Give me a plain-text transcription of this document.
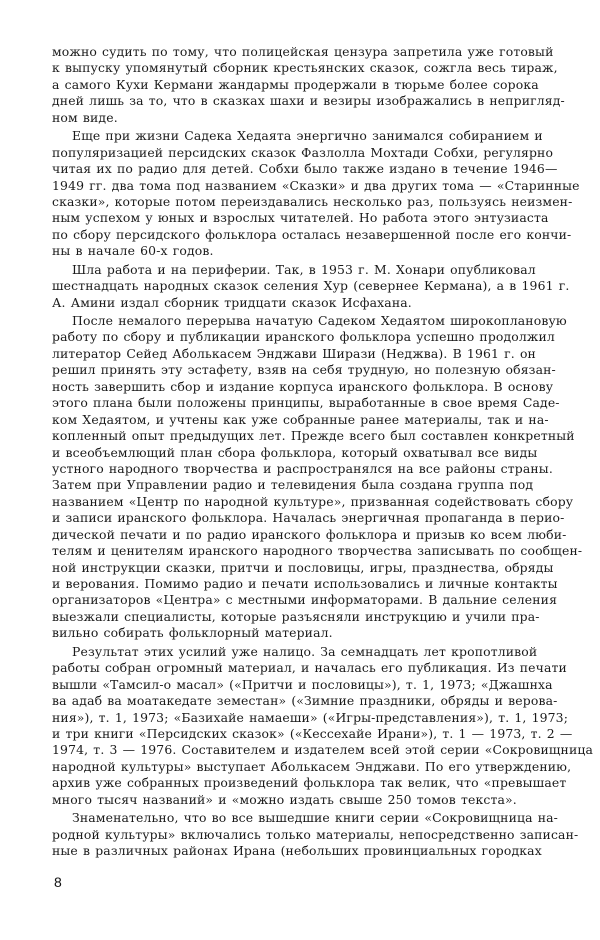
можно судить по тому, что полицейская цензура запретила уже готовый
к выпуску упомянутый сборник крестьянских сказок, сожгла весь тираж,
а самого Кухи Кермани жандармы продержали в тюрьме более сорока
дней лишь за то, что в сказках шахи и везиры изображались в непригляд-
ном виде.
Еще при жизни Садека Хедаята энергично занимался собиранием и
популяризацией персидских сказок Фазлолла Мохтади Собхи, регулярно
читая их по радио для детей. Собхи было также издано в течение 1946—
1949 гг. два тома под названием «Сказки» и два других тома — «Старинные
сказки», которые потом переиздавались несколько раз, пользуясь неизмен-
ным успехом у юных и взрослых читателей. Но работа этого энтузиаста
по сбору персидского фольклора осталась незавершенной после его кончи-
ны в начале 60-х годов.
Шла работа и на периферии. Так, в 1953 г. М. Хонари опубликовал
шестнадцать народных сказок селения Хур (севернее Кермана), а в 1961 г.
А. Амини издал сборник тридцати сказок Исфахана.
После немалого перерыва начатую Садеком Хедаятом широкоплановую
работу по сбору и публикации иранского фольклора успешно продолжил
литератор Сейед Аболькасем Энджави Ширази (Неджва). В 1961 г. он
решил принять эту эстафету, взяв на себя трудную, но полезную обязан-
ность завершить сбор и издание корпуса иранского фольклора. В основу
этого плана были положены принципы, выработанные в свое время Саде-
ком Хедаятом, и учтены как уже собранные ранее материалы, так и на-
копленный опыт предыдущих лет. Прежде всего был составлен конкретный
и всеобъемлющий план сбора фольклора, который охватывал все виды
устного народного творчества и распространялся на все районы страны.
Затем при Управлении радио и телевидения была создана группа под
названием «Центр по народной культуре», призванная содействовать сбору
и записи иранского фольклора. Началась энергичная пропаганда в перио-
дической печати и по радио иранского фольклора и призыв ко всем люби-
телям и ценителям иранского народного творчества записывать по сообщен-
ной инструкции сказки, притчи и пословицы, игры, празднества, обряды
и верования. Помимо радио и печати использовались и личные контакты
организаторов «Центра» с местными информаторами. В дальние селения
выезжали специалисты, которые разъясняли инструкцию и учили пра-
вильно собирать фольклорный материал.
Результат этих усилий уже налицо. За семнадцать лет кропотливой
работы собран огромный материал, и началась его публикация. Из печати
вышли «Тамсил-о масал» («Притчи и пословицы»), т. 1, 1973; «Джашнха
ва адаб ва моатакедате земестан» («Зимние праздники, обряды и верова-
ния»), т. 1, 1973; «Базихайе намаеши» («Игры-представления»), т. 1, 1973;
и три книги «Персидских сказок» («Кессехайе Ирани»), т. 1 — 1973, т. 2 —
1974, т. 3 — 1976. Составителем и издателем всей этой серии «Сокровищница
народной культуры» выступает Аболькасем Энджави. По его утверждению,
архив уже собранных произведений фольклора так велик, что «превышает
много тысяч названий» и «можно издать свыше 250 томов текста».
Знаменательно, что во все вышедшие книги серии «Сокровищница на-
родной культуры» включались только материалы, непосредственно записан-
ные в различных районах Ирана (небольших провинциальных городках
8
